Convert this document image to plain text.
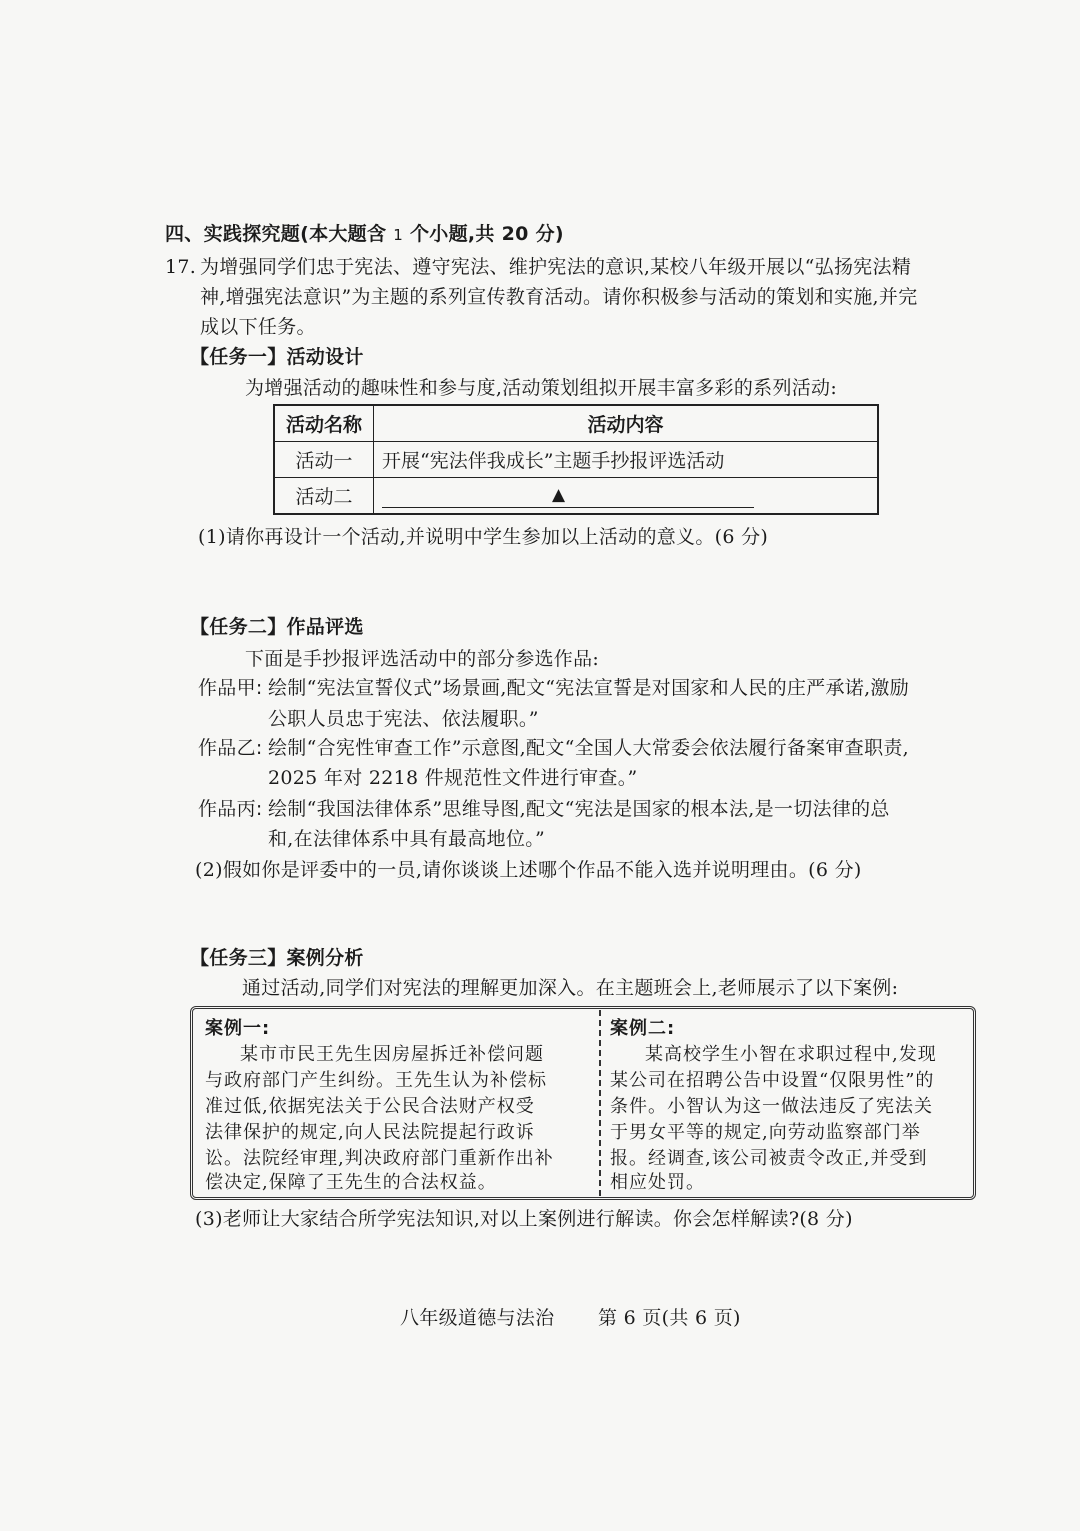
四、实践探究题(本大题含 1 个小题,共 20 分)
17. 为增强同学们忠于宪法、遵守宪法、维护宪法的意识,某校八年级开展以“弘扬宪法精
神,增强宪法意识”为主题的系列宣传教育活动。请你积极参与活动的策划和实施,并完
成以下任务。
【任务一】活动设计
为增强活动的趣味性和参与度,活动策划组拟开展丰富多彩的系列活动:
活动名称	活动内容
活动一	开展“宪法伴我成长”主题手抄报评选活动
活动二	▲
(1)请你再设计一个活动,并说明中学生参加以上活动的意义。(6 分)
【任务二】作品评选
下面是手抄报评选活动中的部分参选作品:
作品甲: 绘制“宪法宣誓仪式”场景画,配文“宪法宣誓是对国家和人民的庄严承诺,激励
公职人员忠于宪法、依法履职。”
作品乙: 绘制“合宪性审查工作”示意图,配文“全国人大常委会依法履行备案审查职责,
2025 年对 2218 件规范性文件进行审查。”
作品丙: 绘制“我国法律体系”思维导图,配文“宪法是国家的根本法,是一切法律的总
和,在法律体系中具有最高地位。”
(2)假如你是评委中的一员,请你谈谈上述哪个作品不能入选并说明理由。(6 分)
【任务三】案例分析
通过活动,同学们对宪法的理解更加深入。在主题班会上,老师展示了以下案例:
案例一:
某市市民王先生因房屋拆迁补偿问题
与政府部门产生纠纷。王先生认为补偿标
准过低,依据宪法关于公民合法财产权受
法律保护的规定,向人民法院提起行政诉
讼。法院经审理,判决政府部门重新作出补
偿决定,保障了王先生的合法权益。
案例二:
某高校学生小智在求职过程中,发现
某公司在招聘公告中设置“仅限男性”的
条件。小智认为这一做法违反了宪法关
于男女平等的规定,向劳动监察部门举
报。经调查,该公司被责令改正,并受到
相应处罚。
(3)老师让大家结合所学宪法知识,对以上案例进行解读。你会怎样解读?(8 分)
八年级道德与法治 第 6 页(共 6 页)
